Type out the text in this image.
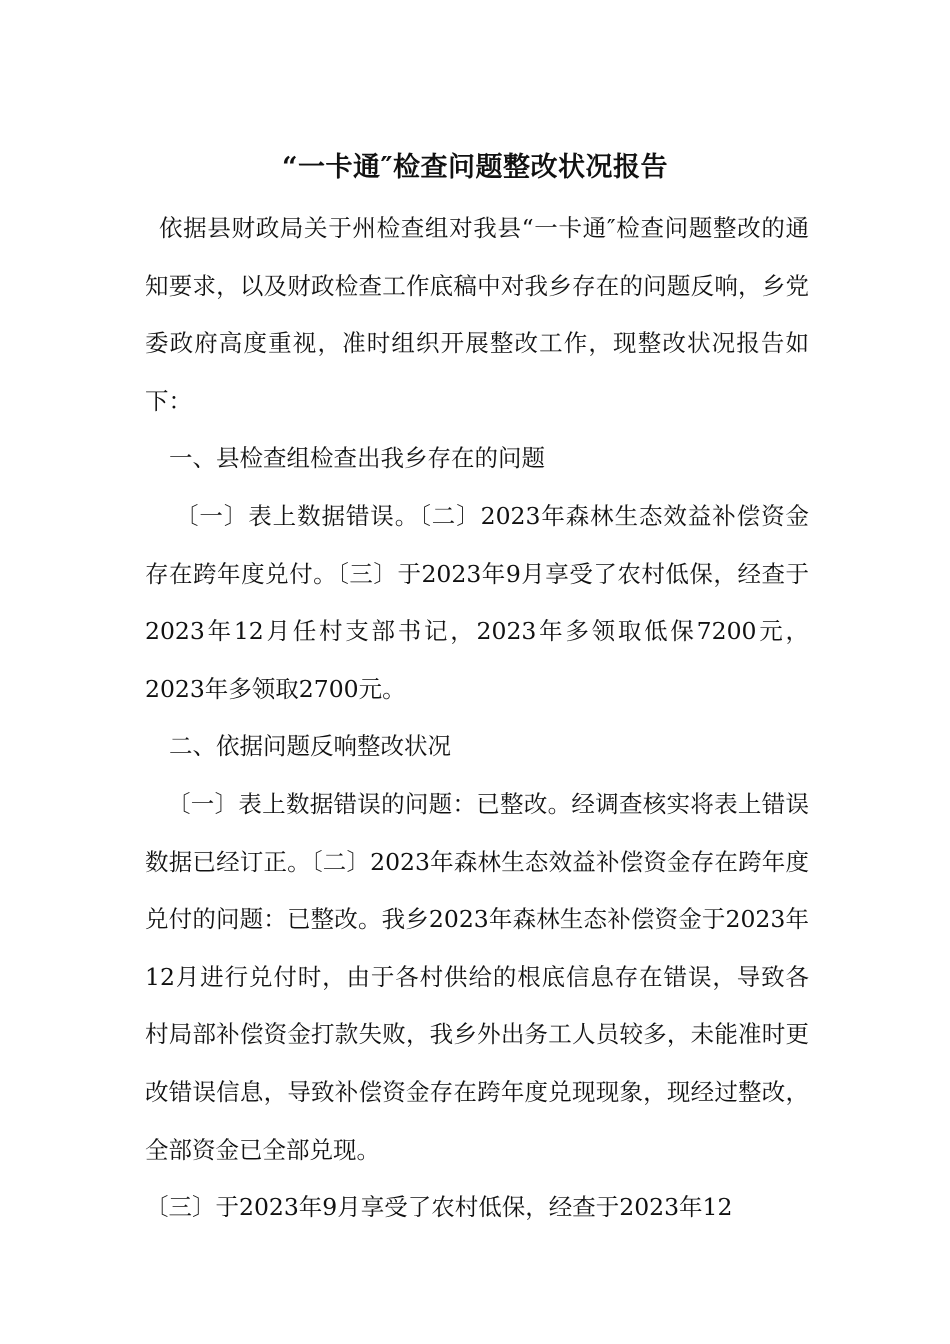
“一卡通″检查问题整改状况报告

依据县财政局关于州检查组对我县“一卡通″检查问题整改的通知要求，以及财政检查工作底稿中对我乡存在的问题反响，乡党委政府高度重视，准时组织开展整改工作，现整改状况报告如下：

一、县检查组检查出我乡存在的问题

〔一〕表上数据错误。〔二〕2023年森林生态效益补偿资金存在跨年度兑付。〔三〕于2023年9月享受了农村低保，经查于2023年12月任村支部书记，2023年多领取低保7200元，2023年多领取2700元。

二、依据问题反响整改状况

〔一〕表上数据错误的问题：已整改。经调查核实将表上错误数据已经订正。〔二〕2023年森林生态效益补偿资金存在跨年度兑付的问题：已整改。我乡2023年森林生态补偿资金于2023年12月进行兑付时，由于各村供给的根底信息存在错误，导致各村局部补偿资金打款失败，我乡外出务工人员较多，未能准时更改错误信息，导致补偿资金存在跨年度兑现现象，现经过整改，全部资金已全部兑现。

〔三〕于2023年9月享受了农村低保，经查于2023年12
